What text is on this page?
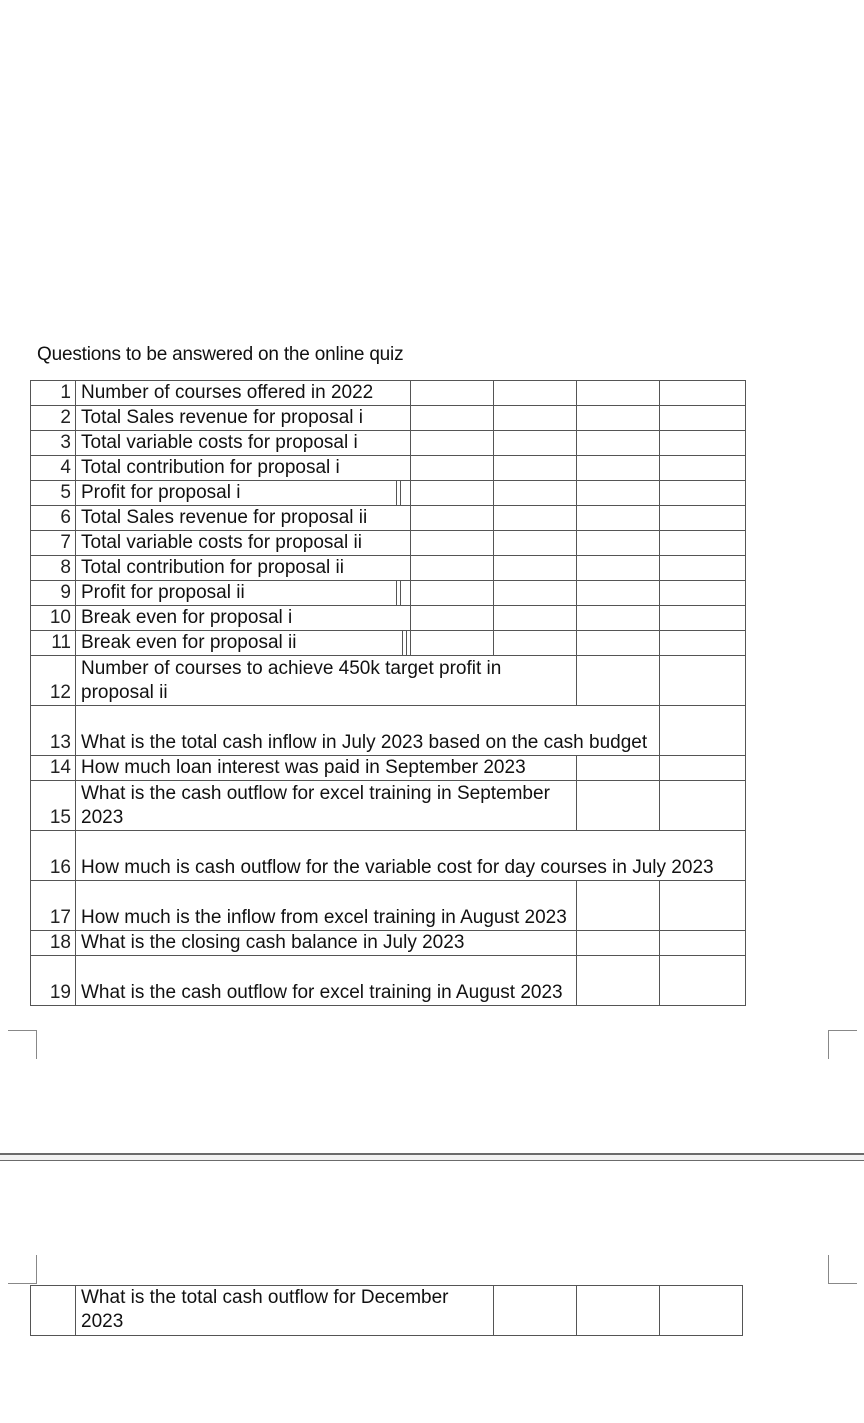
Questions to be answered on the online quiz
1	Number of courses offered in 2022				
2	Total Sales revenue for proposal i				
3	Total variable costs for proposal i				
4	Total contribution for proposal i				
5	Profit for proposal i				
6	Total Sales revenue for proposal ii				
7	Total variable costs for proposal ii				
8	Total contribution for proposal ii				
9	Profit for proposal ii				
10	Break even for proposal i				
11	Break even for proposal ii				
12	Number of courses to achieve 450k target profit in proposal ii				
13	What is the total cash inflow in July 2023 based on the cash budget				
14	How much loan interest was paid in September 2023				
15	What is the cash outflow for excel training in September 2023				
16	How much is cash outflow for the variable cost for day courses in July 2023				
17	How much is the inflow from excel training in August 2023				
18	What is the closing cash balance in July 2023				
19	What is the cash outflow for excel training in August 2023				
	What is the total cash outflow for December 2023			
